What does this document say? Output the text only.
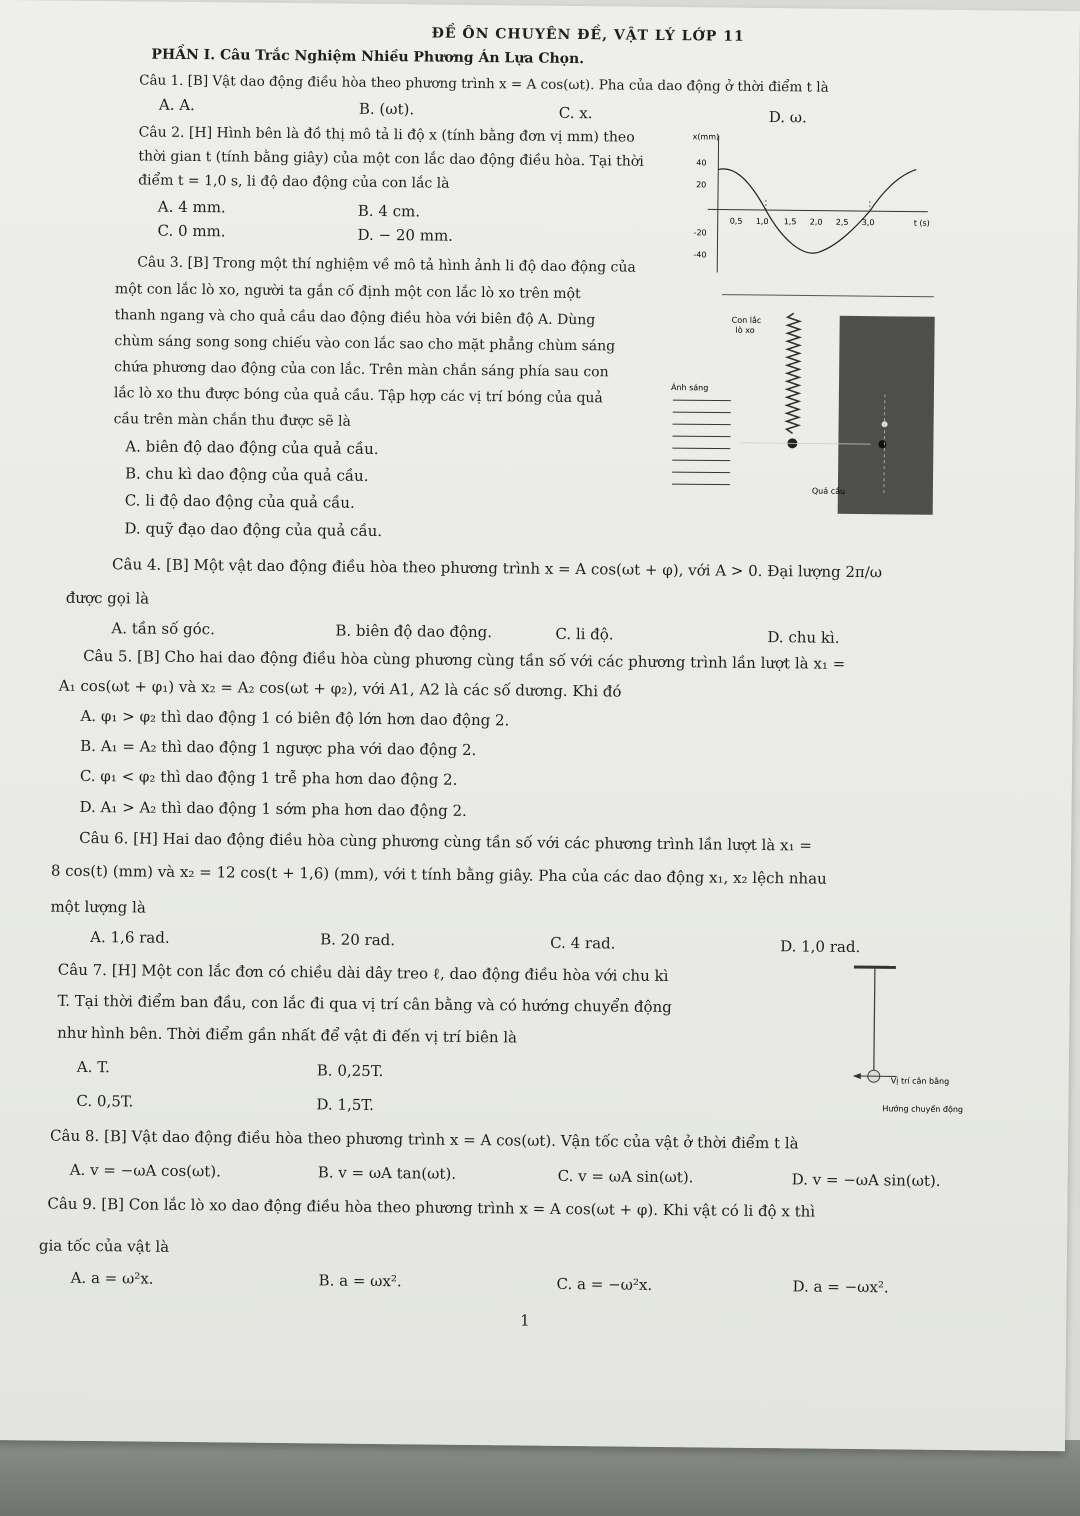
ĐỀ ÔN CHUYÊN ĐỀ, VẬT LÝ LỚP 11
PHẦN I. Câu Trắc Nghiệm Nhiều Phương Án Lựa Chọn.
Câu 1. [B] Vật dao động điều hòa theo phương trình x = A cos(ωt). Pha của dao động ở thời điểm t là
A. A.	B. (ωt).	C. x.	D. ω.
Câu 2. [H] Hình bên là đồ thị mô tả li độ x (tính bằng đơn vị mm) theo
thời gian t (tính bằng giây) của một con lắc dao động điều hòa. Tại thời
điểm t = 1,0 s, li độ dao động của con lắc là
A. 4 mm.	B. 4 cm.
C. 0 mm.	D. − 20 mm.
x(mm)
t (s)
40
20
-20
-40
0,5 1,0 1,5 2,0 2,5 3,0
Câu 3. [B] Trong một thí nghiệm về mô tả hình ảnh li độ dao động của
một con lắc lò xo, người ta gắn cố định một con lắc lò xo trên một
thanh ngang và cho quả cầu dao động điều hòa với biên độ A. Dùng
chùm sáng song song chiếu vào con lắc sao cho mặt phẳng chùm sáng
chứa phương dao động của con lắc. Trên màn chắn sáng phía sau con
lắc lò xo thu được bóng của quả cầu. Tập hợp các vị trí bóng của quả
cầu trên màn chắn thu được sẽ là
A. biên độ dao động của quả cầu.
B. chu kì dao động của quả cầu.
C. li độ dao động của quả cầu.
D. quỹ đạo dao động của quả cầu.
Con lắc
lò xo
Ánh sáng
Quả cầu
Câu 4. [B] Một vật dao động điều hòa theo phương trình x = A cos(ωt + φ), với A > 0. Đại lượng 2π/ω
được gọi là
A. tần số góc.	B. biên độ dao động.	C. li độ.	D. chu kì.
Câu 5. [B] Cho hai dao động điều hòa cùng phương cùng tần số với các phương trình lần lượt là x₁ =
A₁ cos(ωt + φ₁) và x₂ = A₂ cos(ωt + φ₂), với A1, A2 là các số dương. Khi đó
A. φ₁ > φ₂ thì dao động 1 có biên độ lớn hơn dao động 2.
B. A₁ = A₂ thì dao động 1 ngược pha với dao động 2.
C. φ₁ < φ₂ thì dao động 1 trễ pha hơn dao động 2.
D. A₁ > A₂ thì dao động 1 sớm pha hơn dao động 2.
Câu 6. [H] Hai dao động điều hòa cùng phương cùng tần số với các phương trình lần lượt là x₁ =
8 cos(t) (mm) và x₂ = 12 cos(t + 1,6) (mm), với t tính bằng giây. Pha của các dao động x₁, x₂ lệch nhau
một lượng là
A. 1,6 rad.	B. 20 rad.	C. 4 rad.	D. 1,0 rad.
Câu 7. [H] Một con lắc đơn có chiều dài dây treo ℓ, dao động điều hòa với chu kì
T. Tại thời điểm ban đầu, con lắc đi qua vị trí cân bằng và có hướng chuyển động
như hình bên. Thời điểm gần nhất để vật đi đến vị trí biên là
A. T.	B. 0,25T.
C. 0,5T.	D. 1,5T.
Vị trí cân bằng
Hướng chuyển động
Câu 8. [B] Vật dao động điều hòa theo phương trình x = A cos(ωt). Vận tốc của vật ở thời điểm t là
A. v = −ωA cos(ωt).	B. v = ωA tan(ωt).	C. v = ωA sin(ωt).	D. v = −ωA sin(ωt).
Câu 9. [B] Con lắc lò xo dao động điều hòa theo phương trình x = A cos(ωt + φ). Khi vật có li độ x thì
gia tốc của vật là
A. a = ω²x.	B. a = ωx².	C. a = −ω²x.	D. a = −ωx².
1
